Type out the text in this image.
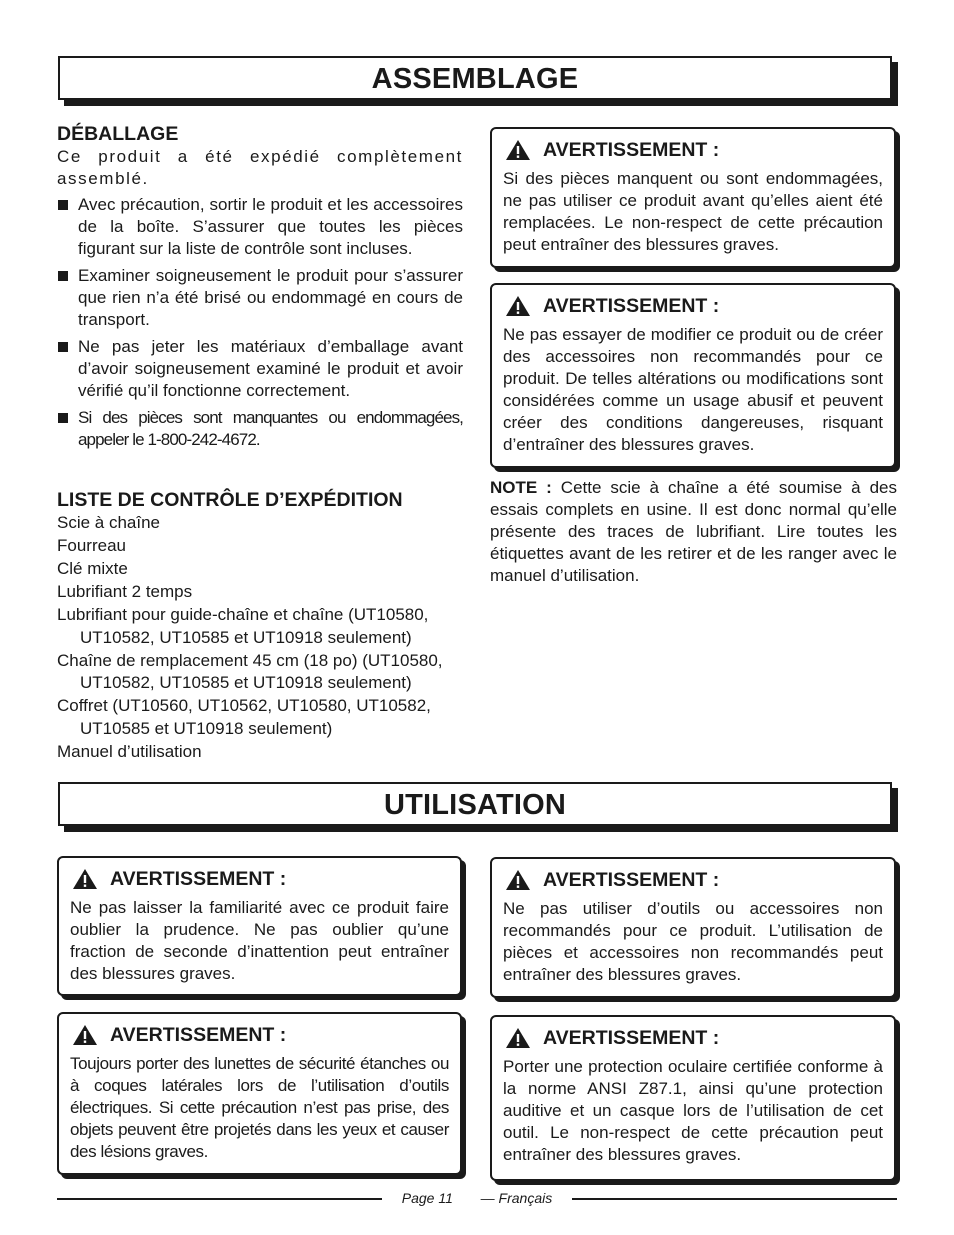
ASSEMBLAGE
DÉBALLAGE

Ce produit a été expédié complètement assemblé.

Avec précaution, sortir le produit et les accessoires de la boîte. S’assurer que toutes les pièces figurant sur la liste de contrôle sont incluses.
Examiner soigneusement le produit pour s’assurer que rien n’a été brisé ou endommagé en cours de transport.
Ne pas jeter les matériaux d’emballage avant d’avoir soigneusement examiné le produit et avoir vérifié qu’il fonctionne correctement.
Si des pièces sont manquantes ou endommagées, appeler le 1-800-242-4672.
LISTE DE CONTRÔLE D’EXPÉDITION
Scie à chaîne
Fourreau
Clé mixte
Lubrifiant 2 temps
Lubrifiant pour guide-chaîne et chaîne (UT10580, UT10582, UT10585 et UT10918 seulement)
Chaîne de remplacement 45 cm (18 po) (UT10580, UT10582, UT10585 et UT10918 seulement)
Coffret (UT10560, UT10562, UT10580, UT10582, UT10585 et UT10918 seulement)
Manuel d’utilisation
AVERTISSEMENT :
Si des pièces manquent ou sont endommagées, ne pas utiliser ce produit avant qu’elles aient été remplacées. Le non-respect de cette précaution peut entraîner des blessures graves.
AVERTISSEMENT :
Ne pas essayer de modifier ce produit ou de créer des accessoires non recommandés pour ce produit. De telles altérations ou modifications sont considérées comme un usage abusif et peuvent créer des conditions dangereuses, risquant d’entraîner des blessures graves.
NOTE : Cette scie à chaîne a été soumise à des essais complets en usine. Il est donc normal qu’elle présente des traces de lubrifiant. Lire toutes les étiquettes avant de les retirer et de les ranger avec le manuel d’utilisation.
UTILISATION
AVERTISSEMENT :
Ne pas laisser la familiarité avec ce produit faire oublier la prudence. Ne pas oublier qu’une fraction de seconde d’inattention peut entraîner des blessures graves.
AVERTISSEMENT :
Ne pas utiliser d’outils ou accessoires non recommandés pour ce produit. L’utilisation de pièces et accessoires non recommandés peut entraîner des blessures graves.
AVERTISSEMENT :
Toujours porter des lunettes de sécurité étanches ou à coques latérales lors de l’utilisation d’outils électriques. Si cette précaution n’est pas prise, des objets peuvent être projetés dans les yeux et causer des lésions graves.
AVERTISSEMENT :
Porter une protection oculaire certifiée conforme à la norme ANSI Z87.1, ainsi qu’une protection auditive et un casque lors de l’utilisation de cet outil. Le non-respect de cette précaution peut entraîner des blessures graves.
Page 11 — Français
